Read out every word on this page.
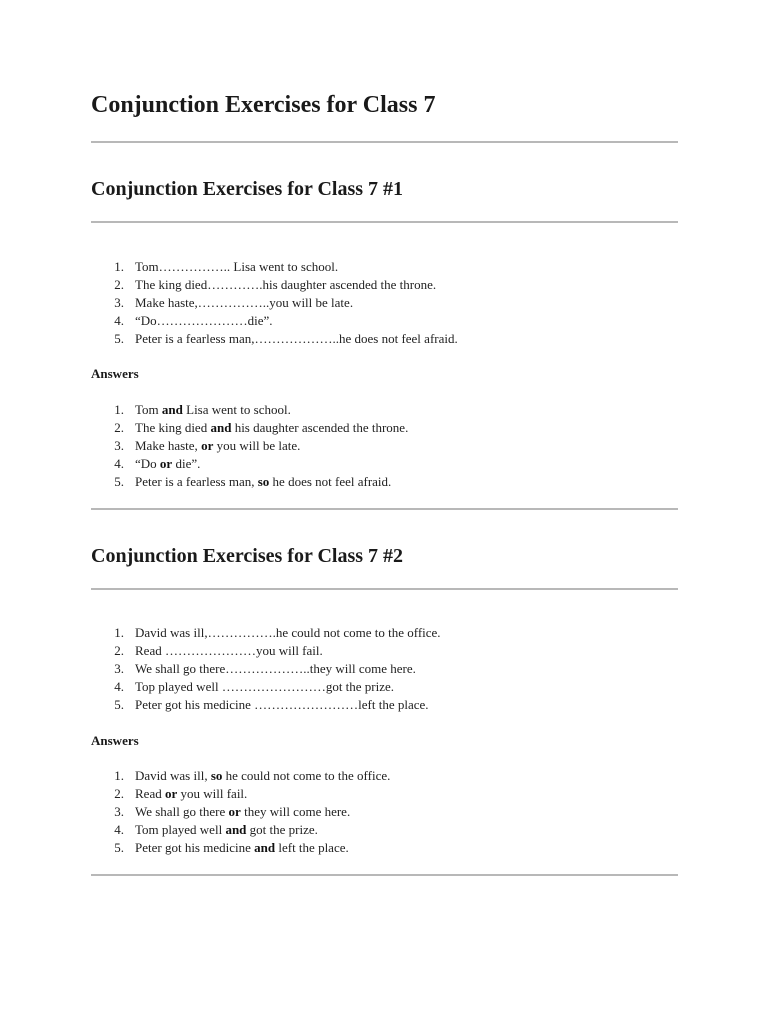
Conjunction Exercises for Class 7
Conjunction Exercises for Class 7 #1
1. Tom…………….. Lisa went to school.
2. The king died………….his daughter ascended the throne.
3. Make haste,……………..you will be late.
4. “Do…………………die”.
5. Peter is a fearless man,………………..he does not feel afraid.
Answers
1. Tom and Lisa went to school.
2. The king died and his daughter ascended the throne.
3. Make haste, or you will be late.
4. “Do or die”.
5. Peter is a fearless man, so he does not feel afraid.
Conjunction Exercises for Class 7 #2
1. David was ill,…………….he could not come to the office.
2. Read …………………you will fail.
3. We shall go there………………..they will come here.
4. Top played well ……………………got the prize.
5. Peter got his medicine ……………………left the place.
Answers
1. David was ill, so he could not come to the office.
2. Read or you will fail.
3. We shall go there or they will come here.
4. Tom played well and got the prize.
5. Peter got his medicine and left the place.
